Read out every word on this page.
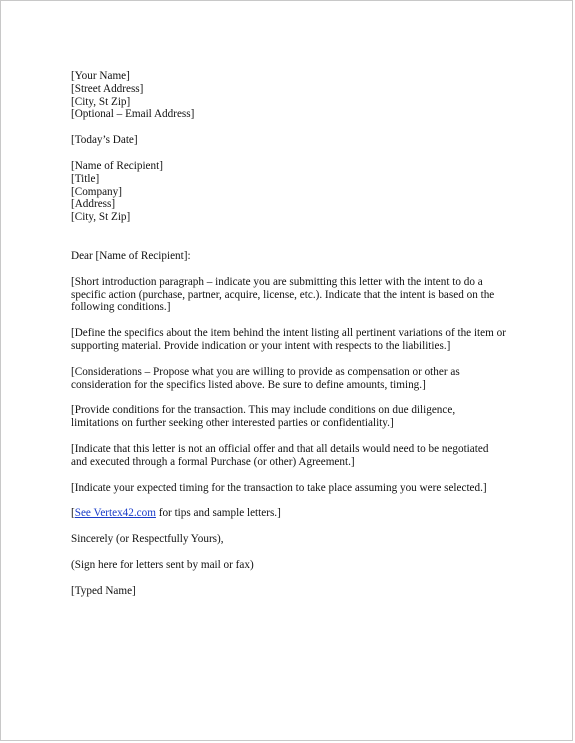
[Your Name]
[Street Address]
[City, St Zip]
[Optional – Email Address]
[Today’s Date]
[Name of Recipient]
[Title]
[Company]
[Address]
[City, St Zip]
Dear [Name of Recipient]:
[Short introduction paragraph – indicate you are submitting this letter with the intent to do a
specific action (purchase, partner, acquire, license, etc.). Indicate that the intent is based on the
following conditions.]
[Define the specifics about the item behind the intent listing all pertinent variations of the item or
supporting material. Provide indication or your intent with respects to the liabilities.]
[Considerations – Propose what you are willing to provide as compensation or other as
consideration for the specifics listed above. Be sure to define amounts, timing.]
[Provide conditions for the transaction. This may include conditions on due diligence,
limitations on further seeking other interested parties or confidentiality.]
[Indicate that this letter is not an official offer and that all details would need to be negotiated
and executed through a formal Purchase (or other) Agreement.]
[Indicate your expected timing for the transaction to take place assuming you were selected.]
[See Vertex42.com for tips and sample letters.]
Sincerely (or Respectfully Yours),
(Sign here for letters sent by mail or fax)
[Typed Name]
